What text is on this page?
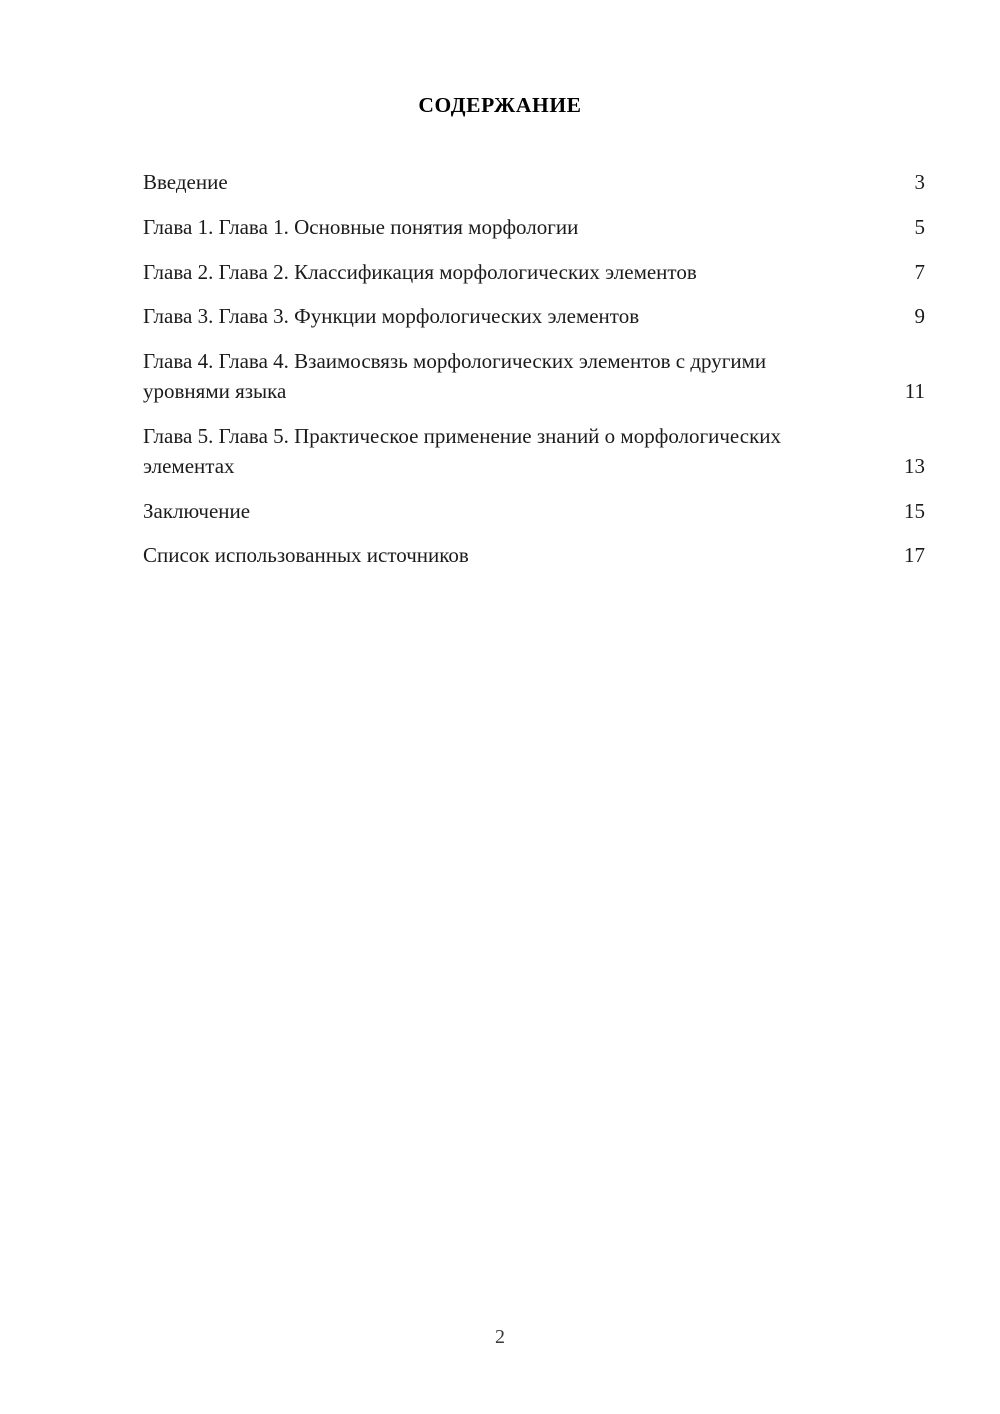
СОДЕРЖАНИЕ
Введение	3
Глава 1. Глава 1. Основные понятия морфологии	5
Глава 2. Глава 2. Классификация морфологических элементов	7
Глава 3. Глава 3. Функции морфологических элементов	9
Глава 4. Глава 4. Взаимосвязь морфологических элементов с другими уровнями языка	11
Глава 5. Глава 5. Практическое применение знаний о морфологических элементах	13
Заключение	15
Список использованных источников	17
2
